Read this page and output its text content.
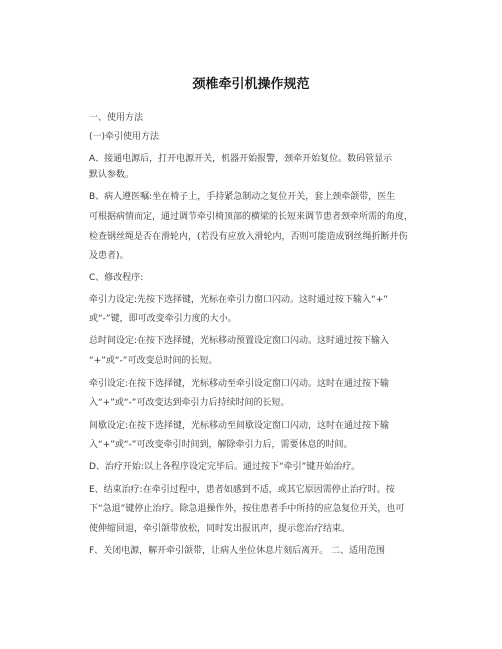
颈椎牵引机操作规范
一、使用方法
(一)牵引使用方法
A、接通电源后，打开电源开关，机器开始报警，颈牵开始复位。数码管显示
默认参数。
B、病人遵医嘱:坐在椅子上，手持紧急制动之复位开关，套上颈牵颌带，医生
可根据病情而定，通过调节牵引椅顶部的横梁的长短来调节患者颈牵所需的角度，
检查钢丝绳是否在滑轮内，(若没有应放入滑轮内，否则可能造成钢丝绳折断并伤
及患者)。
C、修改程序:
牵引力设定:先按下选择键，光标在牵引力窗口闪动。这时通过按下输入“+”
或“-”键，即可改变牵引力度的大小。
总时间设定:在按下选择键，光标移动预置设定窗口闪动。这时通过按下输入
“+”或“-”可改变总时间的长短。
牵引设定:在按下选择键，光标移动至牵引设定窗口闪动。这时在通过按下输
入“+”或“-”可改变达到牵引力后持续时间的长短。
间歇设定:在按下选择键，光标移动至间歇设定窗口闪动，这时在通过按下输
入“+”或“-”可改变牵引时间到，解除牵引力后，需要休息的时间。
D、治疗开始:以上各程序设定完毕后。通过按下“牵引”键开始治疗。
E、结束治疗:在牵引过程中，患者如感到不适，或其它原因需停止治疗时。按
下“急退”键停止治疗。除急退操作外，按住患者手中所持的应急复位开关，也可
使伸缩回退，牵引颌带放松，同时发出报讯声，提示您治疗结束。
F、关闭电源，解开牵引颌带，让病人坐位休息片刻后离开。 二、适用范围
